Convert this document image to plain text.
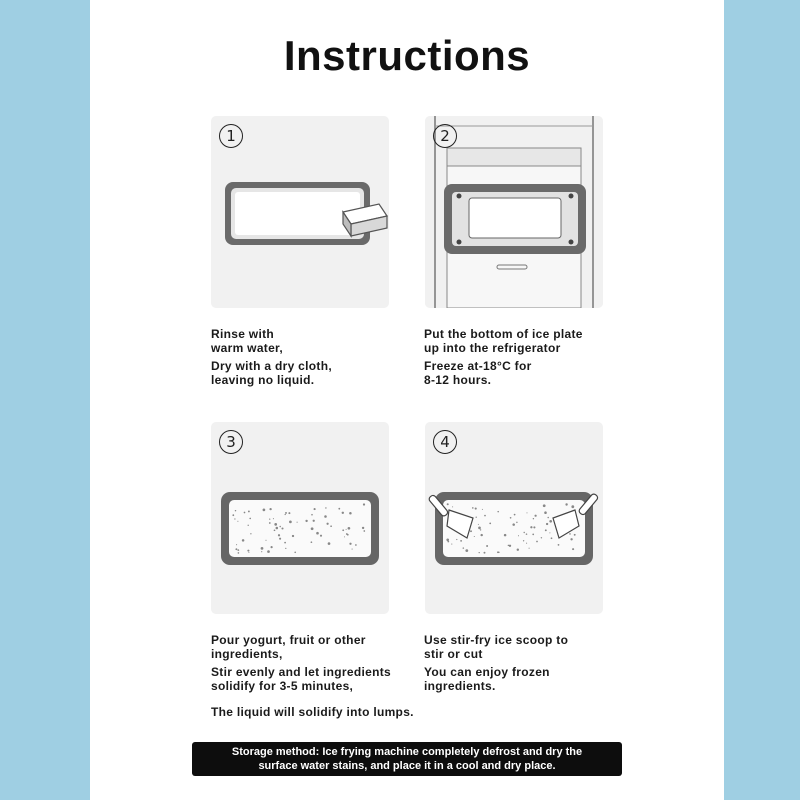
Instructions
1	2
3	4
Rinse with
warm water,
Dry with a dry cloth,
leaving no liquid.
Put the bottom of ice plate
up into the refrigerator
Freeze at-18°C for
8-12 hours.
Pour yogurt, fruit or other
ingredients,
Stir evenly and let ingredients
solidify for 3-5 minutes,
The liquid will solidify into lumps.
Use stir-fry ice scoop to
stir or cut
You can enjoy frozen
ingredients.
Storage method: Ice frying machine completely defrost and dry the
surface water stains, and place it in a cool and dry place.
